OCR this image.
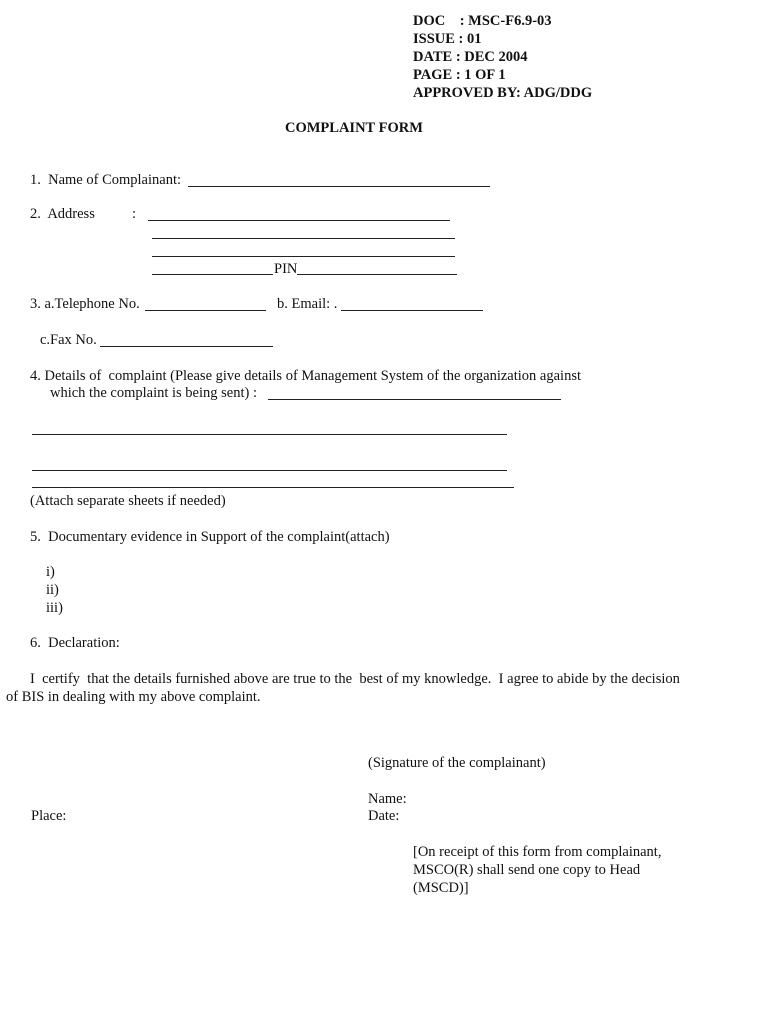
DOC    : MSC-F6.9-03
ISSUE : 01
DATE : DEC 2004
PAGE : 1 OF 1
APPROVED BY: ADG/DDG
COMPLAINT FORM
1.  Name of Complainant:
2.  Address	:
PIN
3. a.Telephone No.	b. Email: .
c.Fax No.
4. Details of  complaint (Please give details of Management System of the organization against
which the complaint is being sent) :
(Attach separate sheets if needed)
5.  Documentary evidence in Support of the complaint(attach)
i)
ii)
iii)
6.  Declaration:
I  certify  that the details furnished above are true to the  best of my knowledge.  I agree to abide by the decision
of BIS in dealing with my above complaint.
(Signature of the complainant)
Name:
Date:
Place:
[On receipt of this form from complainant,
MSCO(R) shall send one copy to Head
(MSCD)]
